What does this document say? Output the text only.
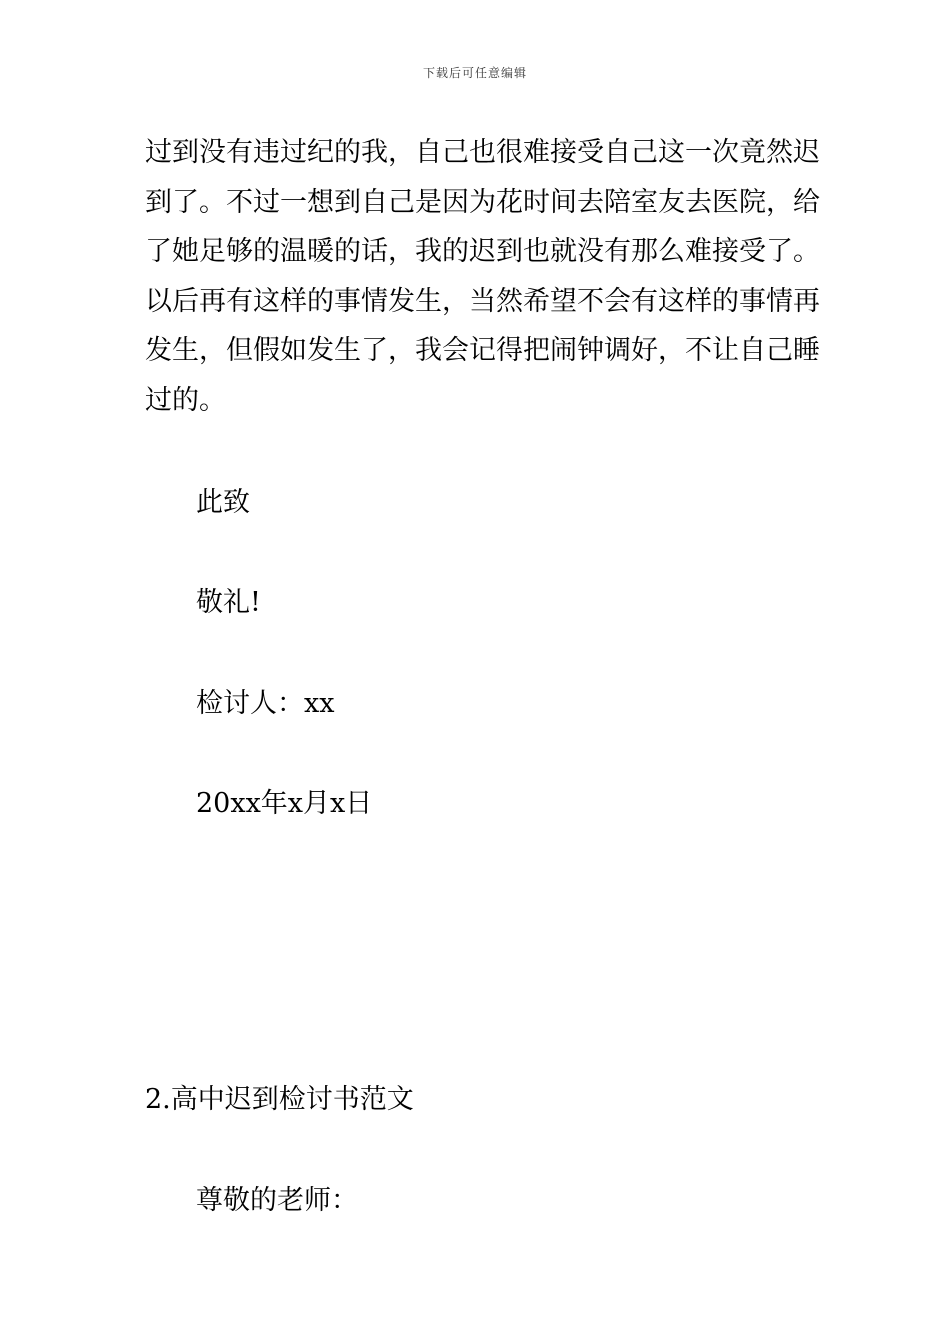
下载后可任意编辑
过到没有违过纪的我，自己也很难接受自己这一次竟然迟
到了。不过一想到自己是因为花时间去陪室友去医院，给
了她足够的温暖的话，我的迟到也就没有那么难接受了。
以后再有这样的事情发生，当然希望不会有这样的事情再
发生，但假如发生了，我会记得把闹钟调好，不让自己睡
过的。
此致
敬礼!
检讨人：xx
20xx年x月x日
2.高中迟到检讨书范文
尊敬的老师：
